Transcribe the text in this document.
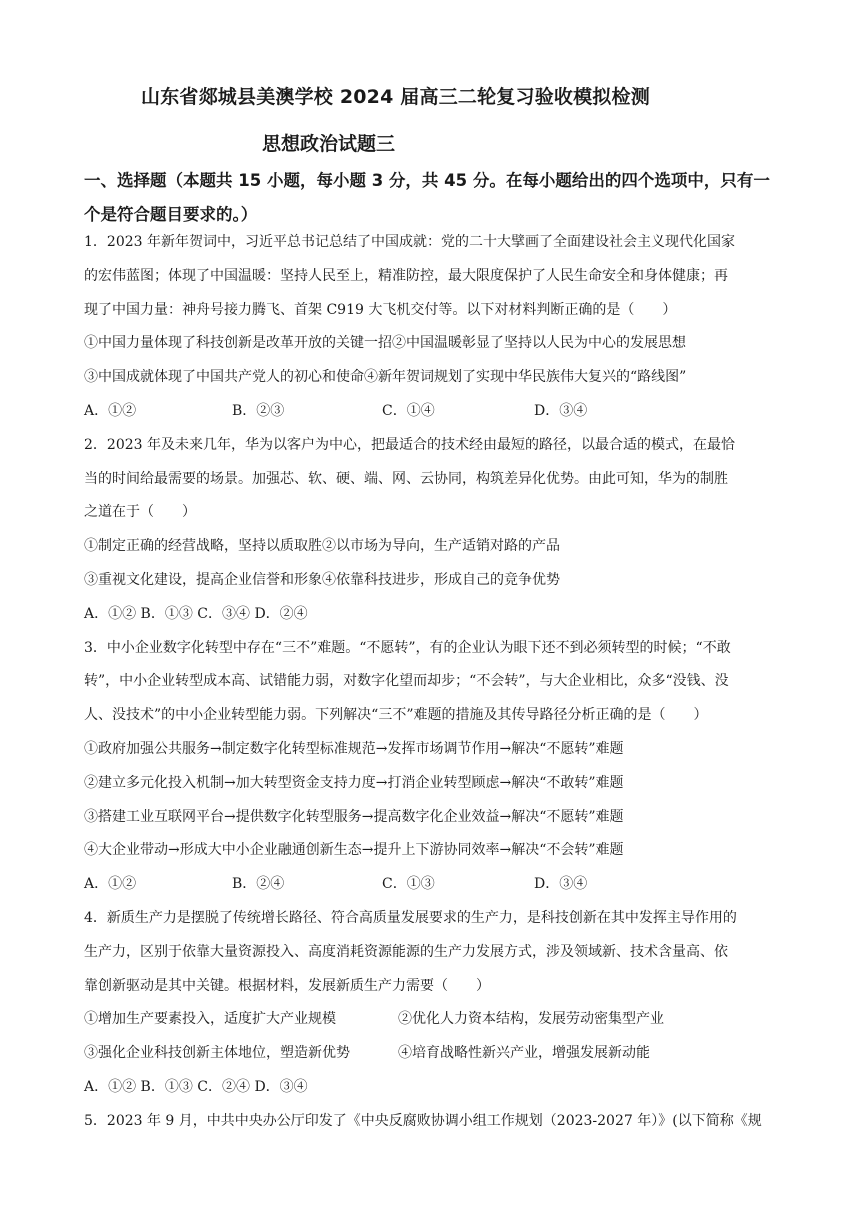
山东省郯城县美澳学校 2024 届高三二轮复习验收模拟检测
思想政治试题三
一、选择题（本题共 15 小题，每小题 3 分，共 45 分。在每小题给出的四个选项中，只有一
个是符合题目要求的。）
1．2023 年新年贺词中，习近平总书记总结了中国成就：党的二十大擘画了全面建设社会主义现代化国家
的宏伟蓝图；体现了中国温暖：坚持人民至上，精准防控，最大限度保护了人民生命安全和身体健康；再
现了中国力量：神舟号接力腾飞、首架 C919 大飞机交付等。以下对材料判断正确的是（　　）
①中国力量体现了科技创新是改革开放的关键一招②中国温暖彰显了坚持以人民为中心的发展思想
③中国成就体现了中国共产党人的初心和使命④新年贺词规划了实现中华民族伟大复兴的“路线图”
A．①②	B．②③	C．①④	D．③④
2．2023 年及未来几年，华为以客户为中心，把最适合的技术经由最短的路径，以最合适的模式，在最恰
当的时间给最需要的场景。加强芯、软、硬、端、网、云协同，构筑差异化优势。由此可知，华为的制胜
之道在于（　　）
①制定正确的经营战略，坚持以质取胜②以市场为导向，生产适销对路的产品
③重视文化建设，提高企业信誉和形象④依靠科技进步，形成自己的竞争优势
A．①② B．①③ C．③④ D．②④
3．中小企业数字化转型中存在“三不”难题。“不愿转”，有的企业认为眼下还不到必须转型的时候；“不敢
转”，中小企业转型成本高、试错能力弱，对数字化望而却步；“不会转”，与大企业相比，众多“没钱、没
人、没技术”的中小企业转型能力弱。下列解决“三不”难题的措施及其传导路径分析正确的是（　　）
①政府加强公共服务→制定数字化转型标准规范→发挥市场调节作用→解决“不愿转”难题
②建立多元化投入机制→加大转型资金支持力度→打消企业转型顾虑→解决“不敢转”难题
③搭建工业互联网平台→提供数字化转型服务→提高数字化企业效益→解决“不愿转”难题
④大企业带动→形成大中小企业融通创新生态→提升上下游协同效率→解决“不会转”难题
A．①②	B．②④	C．①③	D．③④
4．新质生产力是摆脱了传统增长路径、符合高质量发展要求的生产力，是科技创新在其中发挥主导作用的
生产力，区别于依靠大量资源投入、高度消耗资源能源的生产力发展方式，涉及领域新、技术含量高、依
靠创新驱动是其中关键。根据材料，发展新质生产力需要（　　）
①增加生产要素投入，适度扩大产业规模	②优化人力资本结构，发展劳动密集型产业
③强化企业科技创新主体地位，塑造新优势	④培育战略性新兴产业，增强发展新动能
A．①② B．①③ C．②④ D．③④
5．2023 年 9 月，中共中央办公厅印发了《中央反腐败协调小组工作规划（2023-2027 年）》(以下简称《规
